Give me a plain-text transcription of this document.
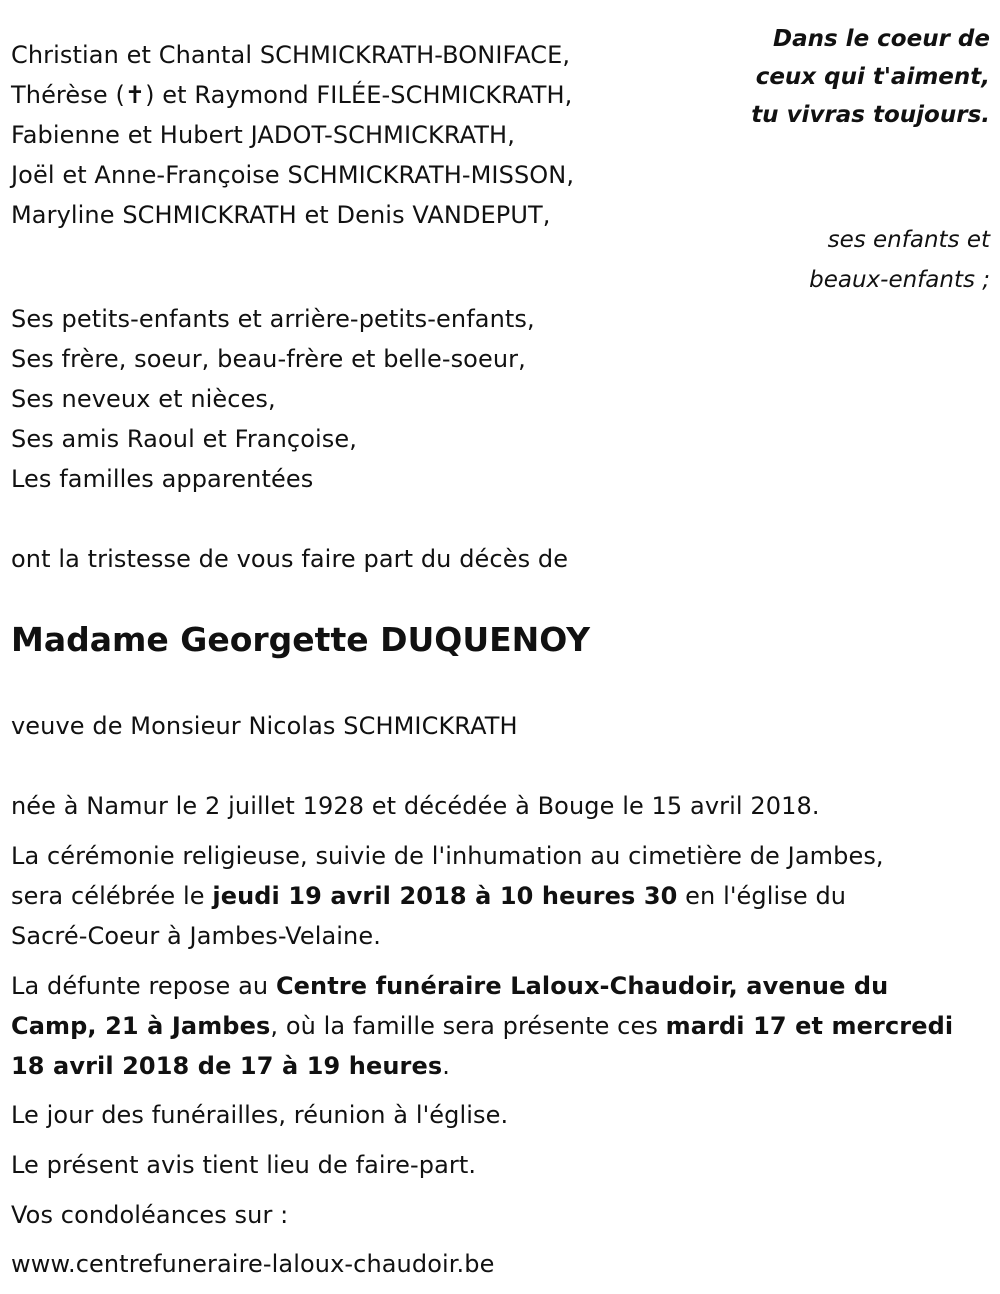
Dans le coeur de
ceux qui t'aiment,
tu vivras toujours.
Christian et Chantal SCHMICKRATH-BONIFACE,
Thérèse (✝) et Raymond FILÉE-SCHMICKRATH,
Fabienne et Hubert JADOT-SCHMICKRATH,
Joël et Anne-Françoise SCHMICKRATH-MISSON,
Maryline SCHMICKRATH et Denis VANDEPUT,
ses enfants et
beaux-enfants ;
Ses petits-enfants et arrière-petits-enfants,
Ses frère, soeur, beau-frère et belle-soeur,
Ses neveux et nièces,
Ses amis Raoul et Françoise,
Les familles apparentées
ont la tristesse de vous faire part du décès de
Madame Georgette DUQUENOY
veuve de Monsieur Nicolas SCHMICKRATH
née à Namur le 2 juillet 1928 et décédée à Bouge le 15 avril 2018.
La cérémonie religieuse, suivie de l'inhumation au cimetière de Jambes,
sera célébrée le jeudi 19 avril 2018 à 10 heures 30 en l'église du
Sacré-Coeur à Jambes-Velaine.
La défunte repose au Centre funéraire Laloux-Chaudoir, avenue du
Camp, 21 à Jambes, où la famille sera présente ces mardi 17 et mercredi
18 avril 2018 de 17 à 19 heures.
Le jour des funérailles, réunion à l'église.
Le présent avis tient lieu de faire-part.
Vos condoléances sur :
www.centrefuneraire-laloux-chaudoir.be
